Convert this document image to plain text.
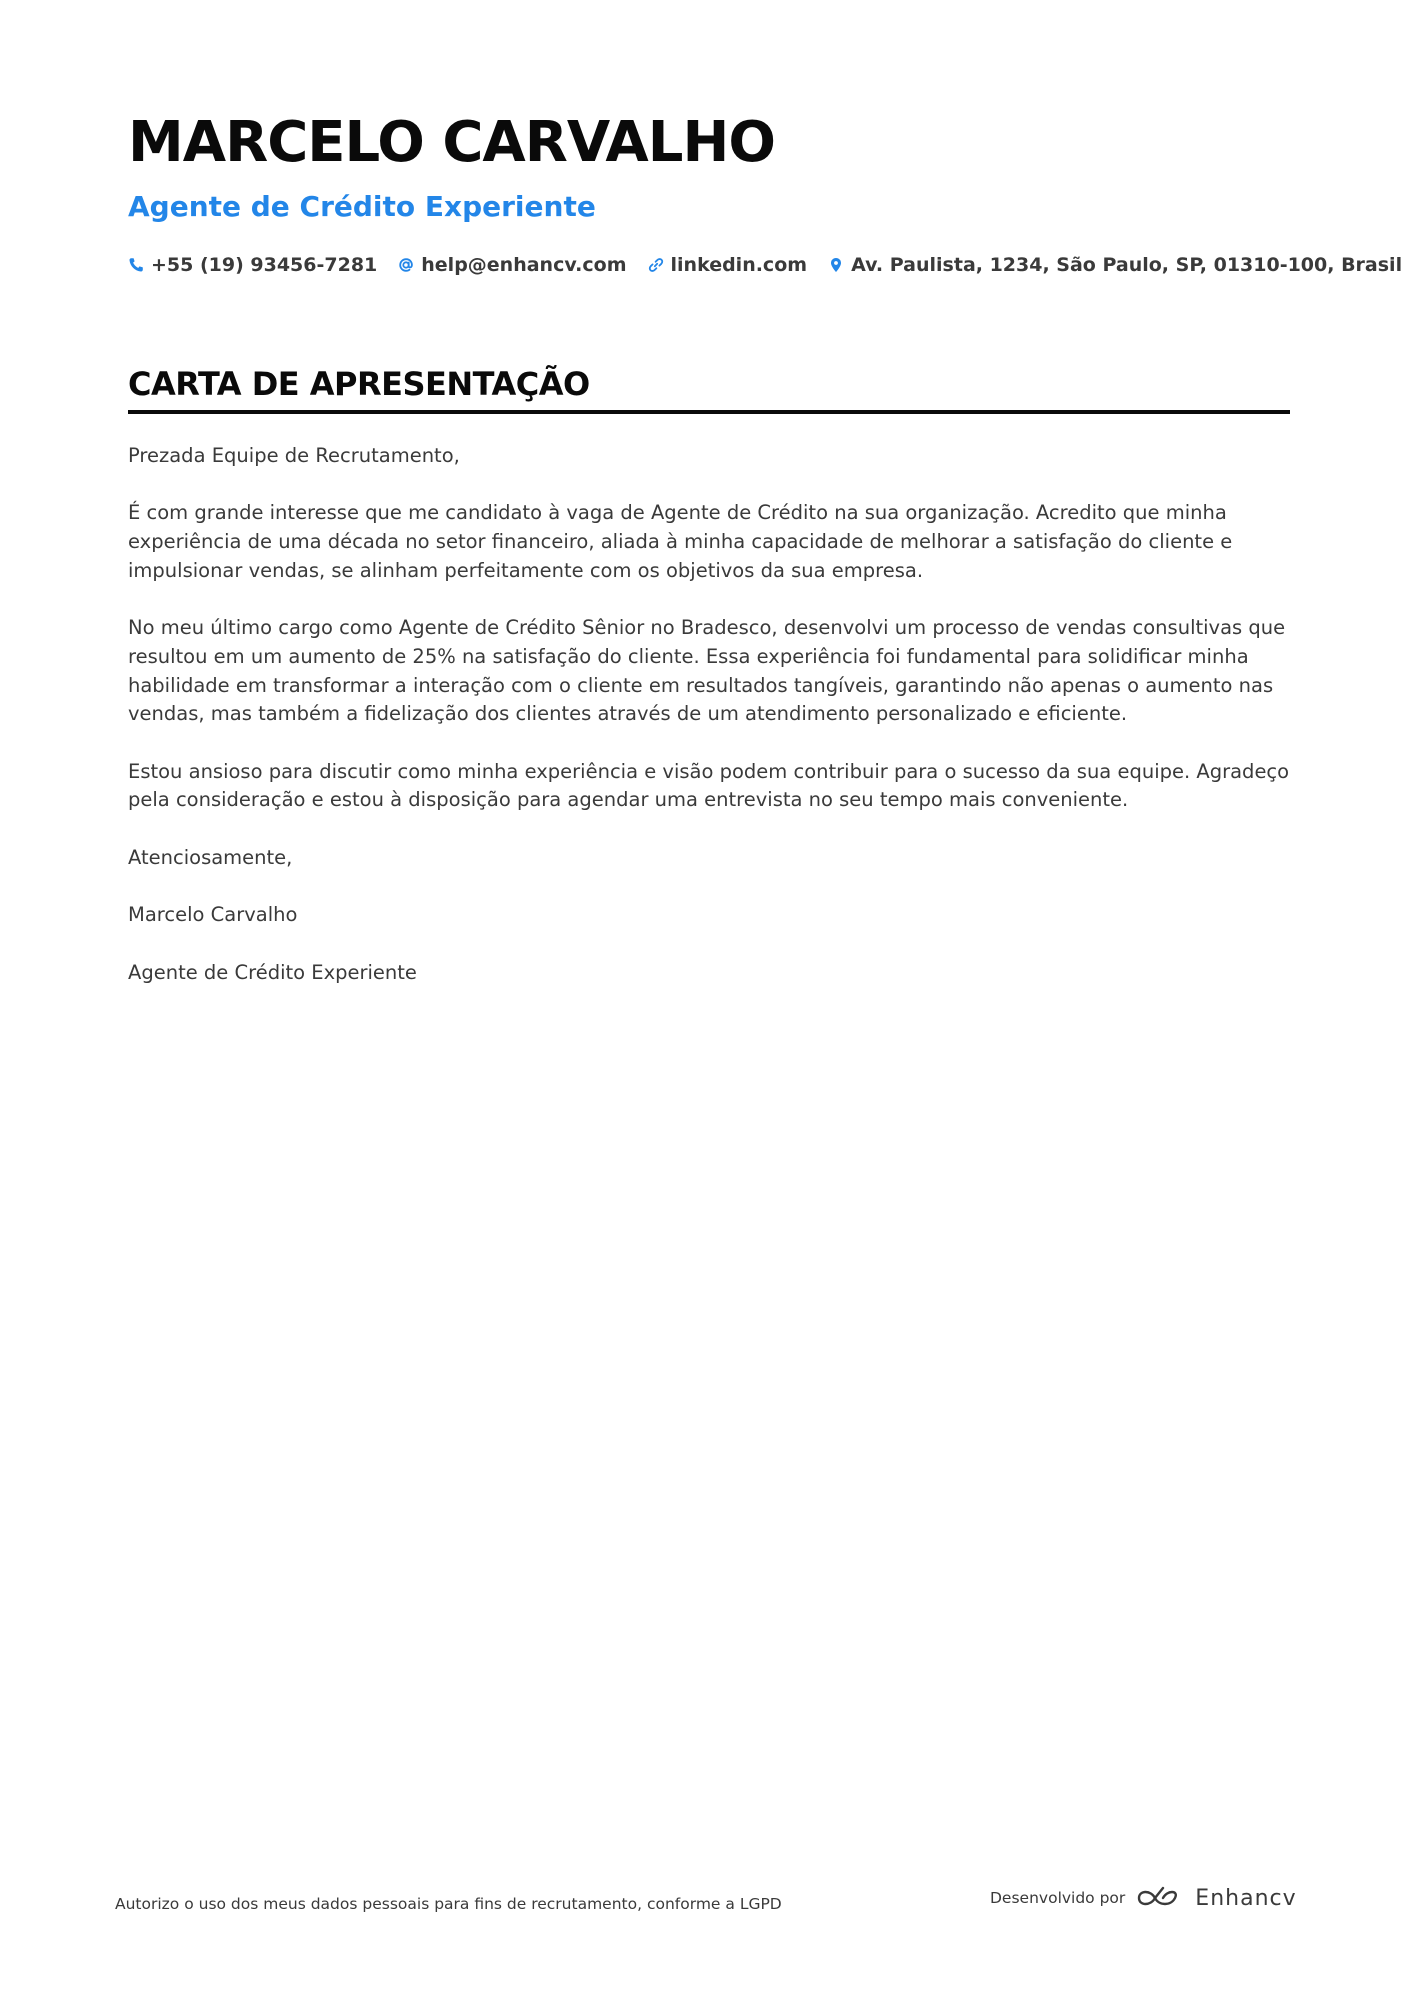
MARCELO CARVALHO
Agente de Crédito Experiente
+55 (19) 93456-7281 help@enhancv.com linkedin.com Av. Paulista, 1234, São Paulo, SP, 01310-100, Brasil
CARTA DE APRESENTAÇÃO

Prezada Equipe de Recrutamento,

É com grande interesse que me candidato à vaga de Agente de Crédito na sua organização. Acredito que minha experiência de uma década no setor financeiro, aliada à minha capacidade de melhorar a satisfação do cliente e impulsionar vendas, se alinham perfeitamente com os objetivos da sua empresa.

No meu último cargo como Agente de Crédito Sênior no Bradesco, desenvolvi um processo de vendas consultivas que resultou em um aumento de 25% na satisfação do cliente. Essa experiência foi fundamental para solidificar minha habilidade em transformar a interação com o cliente em resultados tangíveis, garantindo não apenas o aumento nas vendas, mas também a fidelização dos clientes através de um atendimento personalizado e eficiente.

Estou ansioso para discutir como minha experiência e visão podem contribuir para o sucesso da sua equipe. Agradeço pela consideração e estou à disposição para agendar uma entrevista no seu tempo mais conveniente.

Atenciosamente,

Marcelo Carvalho

Agente de Crédito Experiente

Autorizo o uso dos meus dados pessoais para fins de recrutamento, conforme a LGPD	Desenvolvido por	Enhancv
